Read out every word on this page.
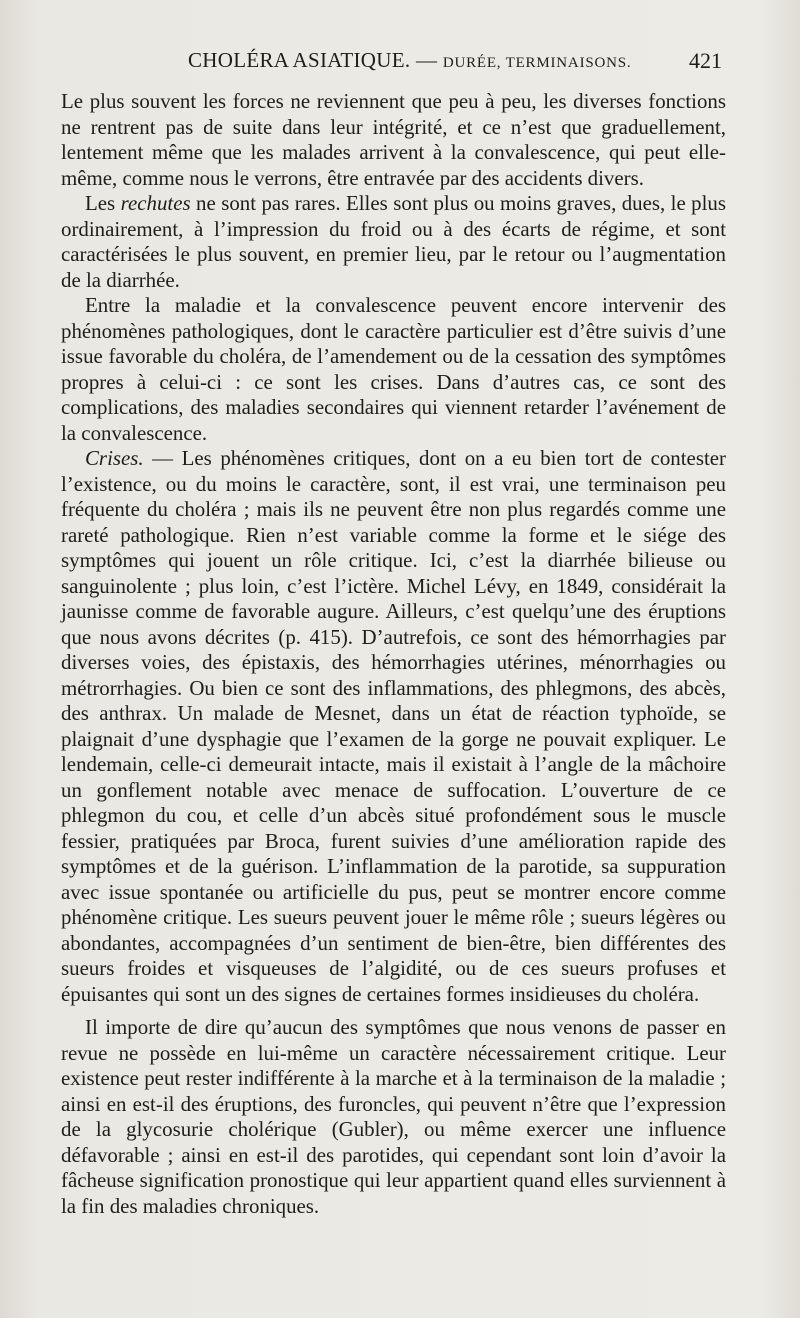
CHOLÉRA ASIATIQUE. — DURÉE, TERMINAISONS.	421

Le plus souvent les forces ne reviennent que peu à peu, les diverses fonctions ne rentrent pas de suite dans leur intégrité, et ce n’est que graduellement, lentement même que les malades arrivent à la convalescence, qui peut elle-même, comme nous le verrons, être entravée par des accidents divers.

Les rechutes ne sont pas rares. Elles sont plus ou moins graves, dues, le plus ordinairement, à l’impression du froid ou à des écarts de régime, et sont caractérisées le plus souvent, en premier lieu, par le retour ou l’augmentation de la diarrhée.

Entre la maladie et la convalescence peuvent encore intervenir des phénomènes pathologiques, dont le caractère particulier est d’être suivis d’une issue favorable du choléra, de l’amendement ou de la cessation des symptômes propres à celui-ci : ce sont les crises. Dans d’autres cas, ce sont des complications, des maladies secondaires qui viennent retarder l’avénement de la convalescence.

Crises. — Les phénomènes critiques, dont on a eu bien tort de contester l’existence, ou du moins le caractère, sont, il est vrai, une terminaison peu fréquente du choléra ; mais ils ne peuvent être non plus regardés comme une rareté pathologique. Rien n’est variable comme la forme et le siége des symptômes qui jouent un rôle critique. Ici, c’est la diarrhée bilieuse ou sanguinolente ; plus loin, c’est l’ictère. Michel Lévy, en 1849, considérait la jaunisse comme de favorable augure. Ailleurs, c’est quelqu’une des éruptions que nous avons décrites (p. 415). D’autrefois, ce sont des hémorrhagies par diverses voies, des épistaxis, des hémorrhagies utérines, ménorrhagies ou métrorrhagies. Ou bien ce sont des inflammations, des phlegmons, des abcès, des anthrax. Un malade de Mesnet, dans un état de réaction typhoïde, se plaignait d’une dysphagie que l’examen de la gorge ne pouvait expliquer. Le lendemain, celle-ci demeurait intacte, mais il existait à l’angle de la mâchoire un gonflement notable avec menace de suffocation. L’ouverture de ce phlegmon du cou, et celle d’un abcès situé profondément sous le muscle fessier, pratiquées par Broca, furent suivies d’une amélioration rapide des symptômes et de la guérison. L’inflammation de la parotide, sa suppuration avec issue spontanée ou artificielle du pus, peut se montrer encore comme phénomène critique. Les sueurs peuvent jouer le même rôle ; sueurs légères ou abondantes, accompagnées d’un sentiment de bien-être, bien différentes des sueurs froides et visqueuses de l’algidité, ou de ces sueurs profuses et épuisantes qui sont un des signes de certaines formes insidieuses du choléra.

Il importe de dire qu’aucun des symptômes que nous venons de passer en revue ne possède en lui-même un caractère nécessairement critique. Leur existence peut rester indifférente à la marche et à la terminaison de la maladie ; ainsi en est-il des éruptions, des furoncles, qui peuvent n’être que l’expression de la glycosurie cholérique (Gubler), ou même exercer une influence défavorable ; ainsi en est-il des parotides, qui cependant sont loin d’avoir la fâcheuse signification pronostique qui leur appartient quand elles surviennent à la fin des maladies chroniques.
